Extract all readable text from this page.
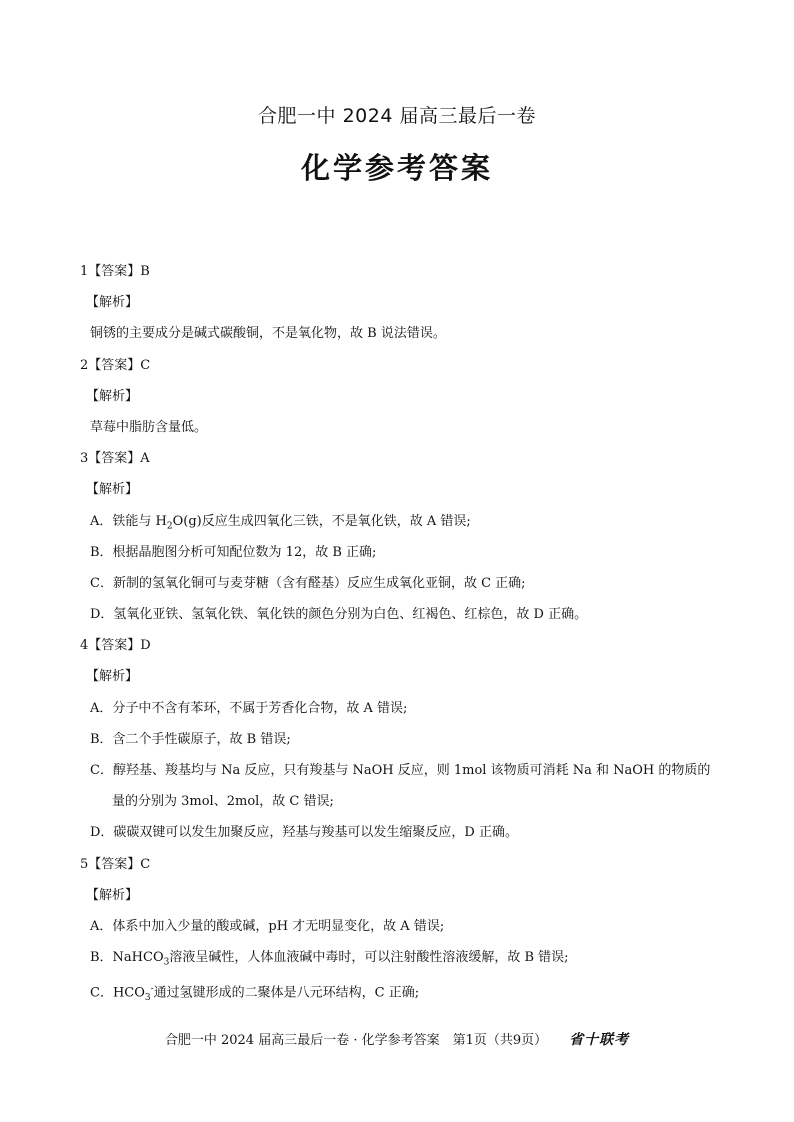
合肥一中 2024 届高三最后一卷
化学参考答案
1【答案】B
【解析】
铜锈的主要成分是碱式碳酸铜，不是氧化物，故 B 说法错误。
2【答案】C
【解析】
草莓中脂肪含量低。
3【答案】A
【解析】
A．铁能与 $H_2O(g)$反应生成四氧化三铁，不是氧化铁，故 A 错误;
B．根据晶胞图分析可知配位数为 12，故 B 正确;
C．新制的氢氧化铜可与麦芽糖（含有醛基）反应生成氧化亚铜，故 C 正确;
D．氢氧化亚铁、氢氧化铁、氧化铁的颜色分别为白色、红褐色、红棕色，故 D 正确。
4【答案】D
【解析】
A．分子中不含有苯环，不属于芳香化合物，故 A 错误;
B．含二个手性碳原子，故 B 错误;
C．醇羟基、羧基均与 Na 反应，只有羧基与 NaOH 反应，则 1mol 该物质可消耗 Na 和 NaOH 的物质的
量的分别为 3mol、2mol，故 C 错误;
D．碳碳双键可以发生加聚反应，羟基与羧基可以发生缩聚反应，D 正确。
5【答案】C
【解析】
A．体系中加入少量的酸或碱，pH 才无明显变化，故 A 错误;
B．NaHCO$_3$溶液呈碱性，人体血液碱中毒时，可以注射酸性溶液缓解，故 B 错误;
C．$HCO_3^-$通过氢键形成的二聚体是八元环结构，C 正确;
合肥一中 2024 届高三最后一卷 · 化学参考答案　第1页（共9页） 省十联考
